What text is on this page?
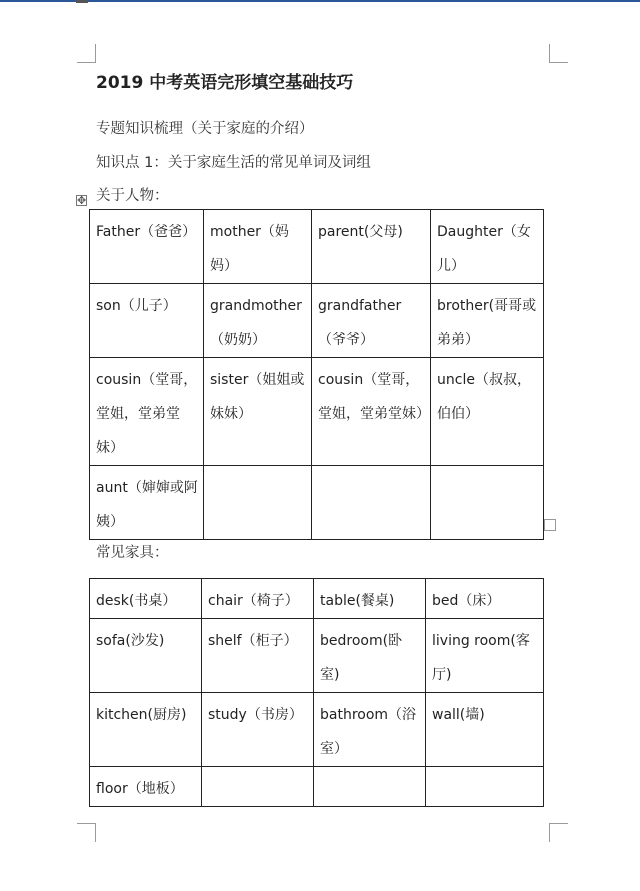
2019 中考英语完形填空基础技巧
专题知识梳理（关于家庭的介绍）
知识点 1：关于家庭生活的常见单词及词组
关于人物：
✥
Father（爸爸）	mother（妈妈）	parent(父母)	Daughter（女儿）
son（儿子）	grandmother（奶奶）	grandfather（爷爷）	brother(哥哥或弟弟）
cousin（堂哥，堂姐，堂弟堂妹）	sister（姐姐或妹妹）	cousin（堂哥，堂姐，堂弟堂妹）	uncle（叔叔，伯伯）
aunt（婶婶或阿姨）			
常见家具：
desk(书桌）	chair（椅子）	table(餐桌)	bed（床）
sofa(沙发)	shelf（柜子）	bedroom(卧室)	living room(客厅)
kitchen(厨房)	study（书房）	bathroom（浴室）	wall(墙)
floor（地板）			
